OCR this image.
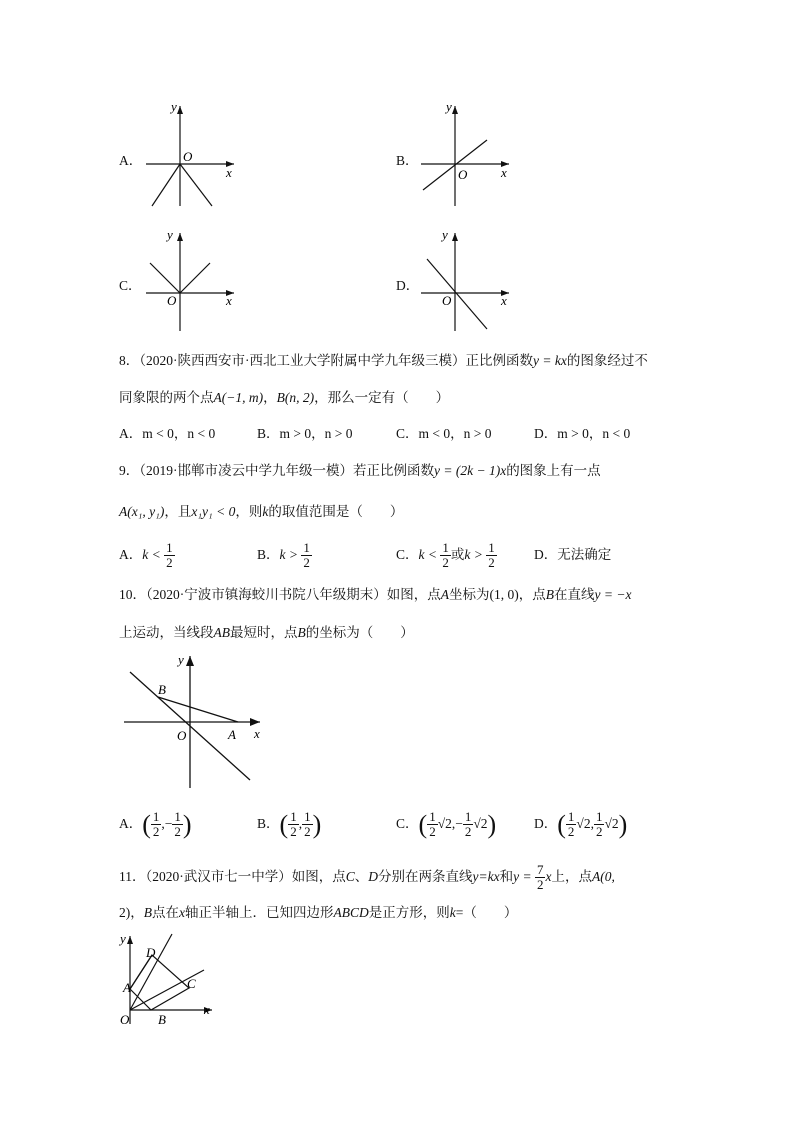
A．
y
O
x
B．
y
O	x
C．
y
O	x
D．
y
O	x
8．（2020·陕西西安市·西北工业大学附属中学九年级三模）正比例函数y = kx的图象经过不
同象限的两个点A(−1, m)，B(n, 2)，那么一定有（　　）
A．m < 0，n < 0	B．m > 0，n > 0	C．m < 0，n > 0	D．m > 0，n < 0
9．（2019·邯郸市凌云中学九年级一模）若正比例函数y = (2k − 1)x的图象上有一点
A(x₁, y₁)，且x₁y₁ < 0，则k的取值范围是（　　）
A．$k < \frac{1}{2}$	B．$k > \frac{1}{2}$	C．$k < \frac{1}{2}$ 或$k > \frac{1}{2}$	D．无法确定
10．（2020·宁波市镇海蛟川书院八年级期末）如图，点A坐标为(1, 0)，点B在直线y = −x
上运动，当线段AB最短时，点B的坐标为（　　）
y
B
O	A x
A．( $\frac{1}{2}$ ,− $\frac{1}{2}$ )	B．( $\frac{1}{2}$ , $\frac{1}{2}$ )	C．( $\frac{1}{2} √2,- \frac{1}{2} √2$)	D．( $\frac{1}{2} √2$, $\frac{1}{2} √2$)
11．（2020·武汉市七一中学）如图，点C、D分别在两条直线y=kx和$y = \frac{7}{2}$ x上，点A(0,
2)，B点在x轴正半轴上．已知四边形ABCD是正方形，则k=（　　）
y
D
A	C
O B
x
